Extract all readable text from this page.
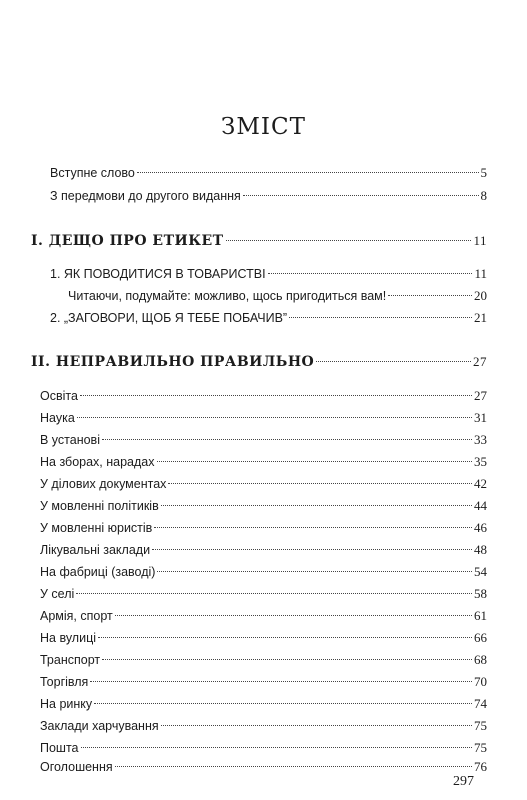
ЗМІСТ
Вступне слово	5
З передмови до другого видання	8
І. ДЕЩО ПРО ЕТИКЕТ	11
1. ЯК ПОВОДИТИСЯ В ТОВАРИСТВІ	11
Читаючи, подумайте: можливо, щось пригодиться вам!	20
2. „ЗАГОВОРИ, ЩОБ Я ТЕБЕ ПОБАЧИВ”	21
ІІ. НЕПРАВИЛЬНО ПРАВИЛЬНО	27
Освіта	27
Наука	31
В установі	33
На зборах, нарадах	35
У ділових документах	42
У мовленні політиків	44
У мовленні юристів	46
Лікувальні заклади	48
На фабриці (заводі)	54
У селі	58
Армія, спорт	61
На вулиці	66
Транспорт	68
Торгівля	70
На ринку	74
Заклади харчування	75
Пошта	75
Оголошення	76
297
